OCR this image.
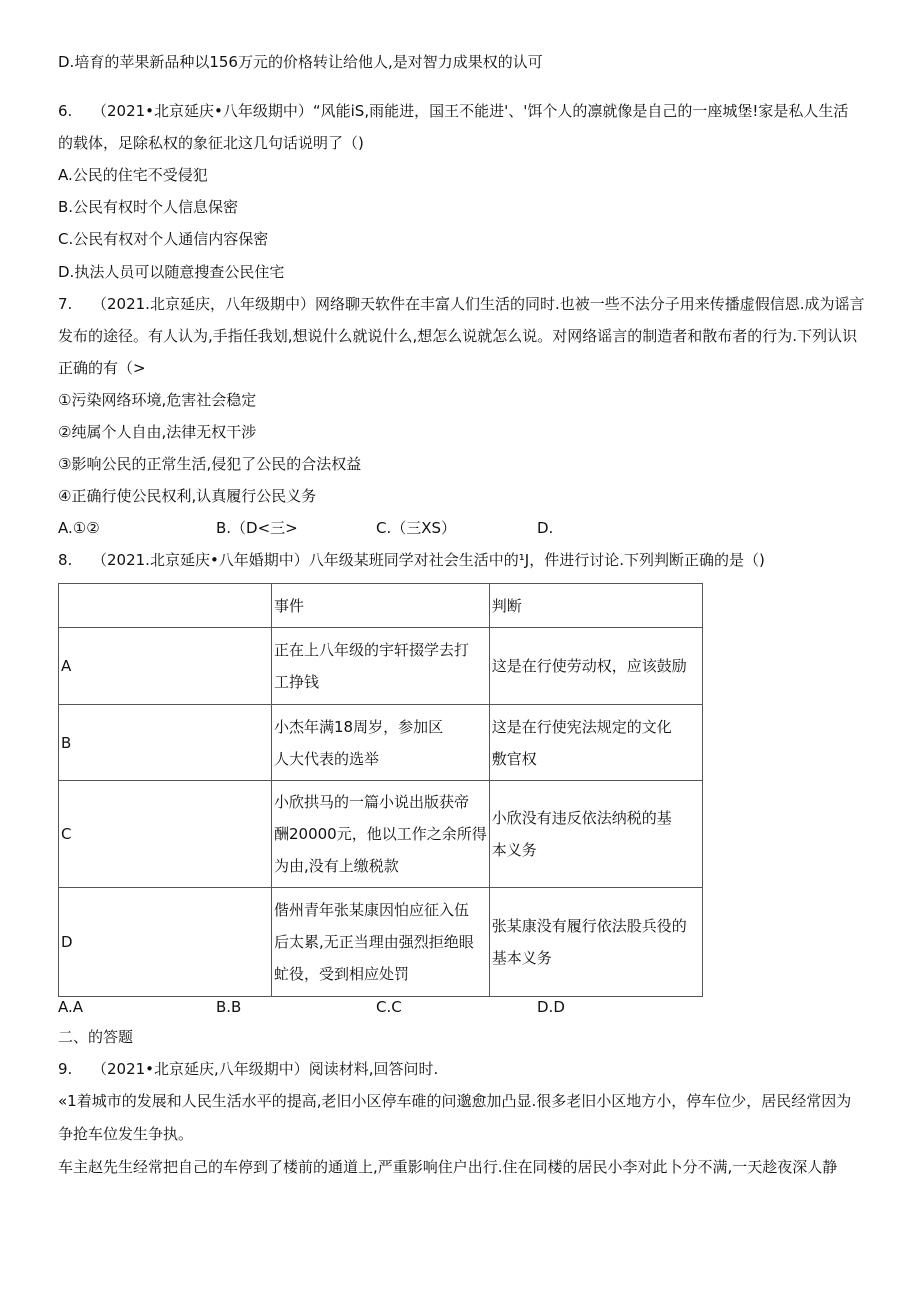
D.培育的苹果新品种以156万元的价格转让给他人,是对智力成果权的认可
6. （2021•北京延庆•八年级期中）“风能iS,雨能进，国王不能进'、'饵个人的凛就像是自己的一座城堡!家是私人生活
的载体，足除私权的象征北这几句话说明了（)
A.公民的住宅不受侵犯
B.公民有权时个人信息保密
C.公民有权对个人通信内容保密
D.执法人员可以随意搜查公民住宅
7. （2021.北京延庆，八年级期中）网络聊天软件在丰富人们生活的同时.也被一些不法分子用来传播虚假信恩.成为谣言
发布的途径。有人认为,手指任我划,想说什么就说什么,想怎么说就怎么说。对网络谣言的制造者和散布者的行为.下列认识
正确的有（>
①污染网络环境,危害社会稳定
②纯属个人自由,法律无权干涉
③影响公民的正常生活,侵犯了公民的合法权益
④正确行使公民权利,认真履行公民义务
A.①②	B.（D<三>	C.（三XS）	D.
8. （2021.北京延庆•八年婚期中）八年级某班同学对社会生活中的¹J，件进行讨论.下列判断正确的是（)
	事件	判断
A	正在上八年级的宇轩掇学去打
工挣钱	这是在行使劳动权，应该鼓励

B	小杰年满18周岁，参加区
人大代表的选举	这是在行使宪法规定的文化
敷官权

C	小欣拱马的一篇小说出版获帝
酬20000元，他以工作之余所得
为由,没有上缴税款	小欣没有违反依法纳税的基
本义务

D	偕州青年张某康因怕应征入伍
后太累,无正当理由强烈拒绝眼
虻役，受到相应处罚	张某康没有履行依法股兵役的
基本义务
A.A	B.B	C.C	D.D
二、的答题
9. （2021•北京延庆,八年级期中）阅读材料,回答问时.
«1着城市的发展和人民生活水平的提高,老旧小区停车碓的问邈愈加凸显.很多老旧小区地方小，停车位少，居民经常因为
争抢车位发生争执。
车主赵先生经常把自己的车停到了楼前的通道上,严重影响住户出行.住在同楼的居民小李对此卜分不满,一天趁夜深人静
